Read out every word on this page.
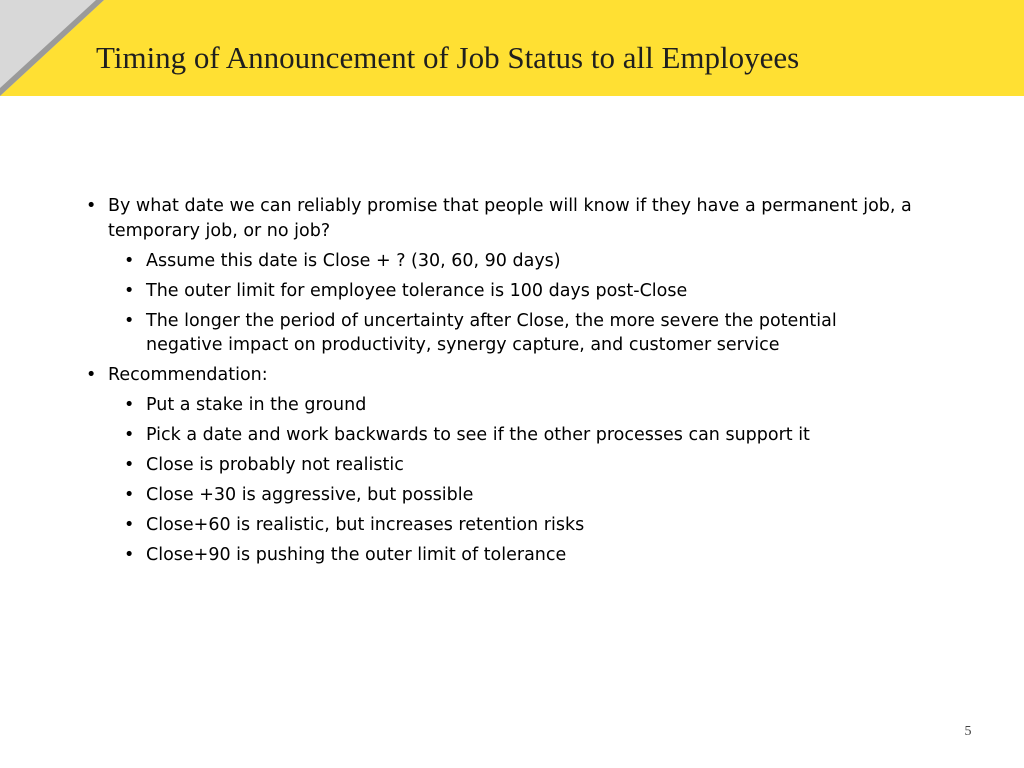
Timing of Announcement of Job Status to all Employees
• By what date we can reliably promise that people will know if they have a permanent job, a temporary job, or no job?
• Assume this date is Close + ? (30, 60, 90 days)
• The outer limit for employee tolerance is 100 days post-Close
• The longer the period of uncertainty after Close, the more severe the potential negative impact on productivity, synergy capture, and customer service
• Recommendation:
• Put a stake in the ground
• Pick a date and work backwards to see if the other processes can support it
• Close is probably not realistic
• Close +30 is aggressive, but possible
• Close+60 is realistic, but increases retention risks
• Close+90 is pushing the outer limit of tolerance
5
